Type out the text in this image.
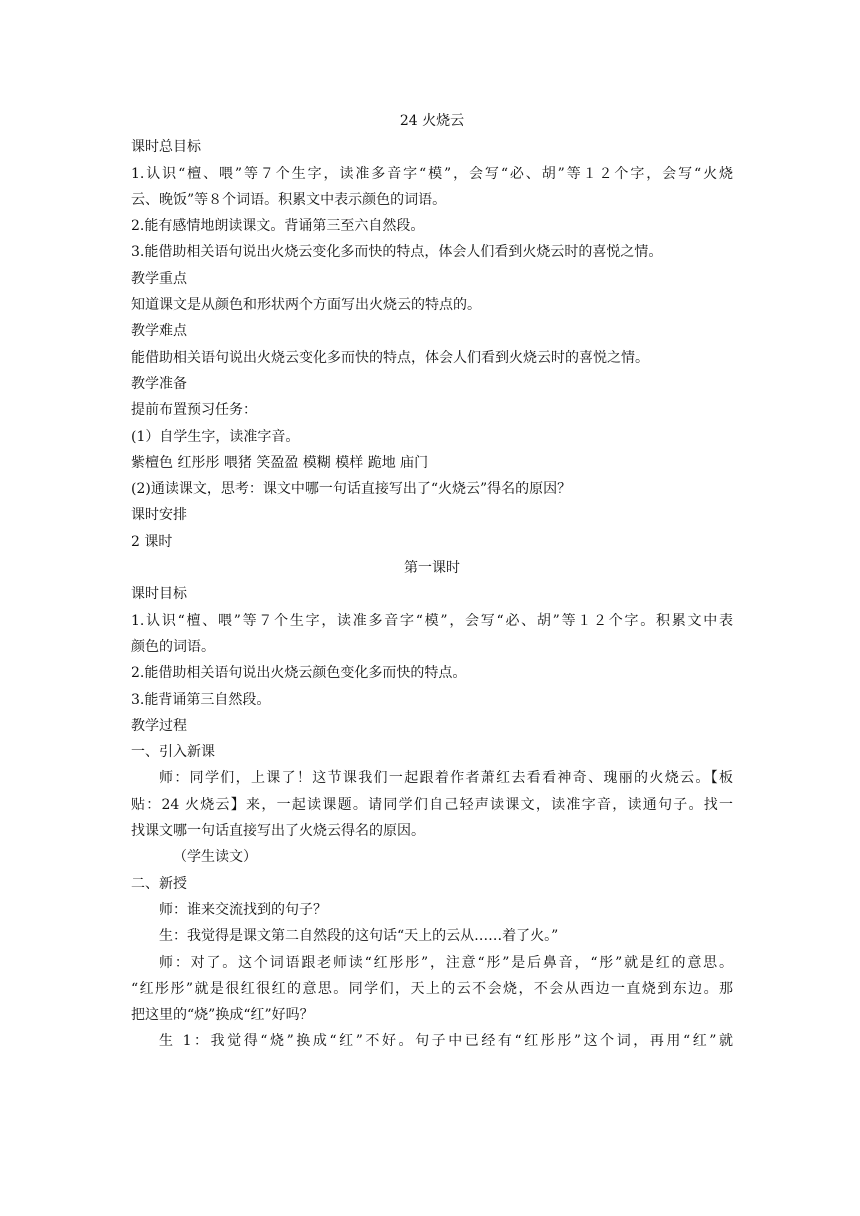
24 火烧云
课时总目标
1.认识“檀、喂”等７个生字，读准多音字“模”，会写“必、胡”等１２个字，会写“火烧
云、晚饭”等８个词语。积累文中表示颜色的词语。
2.能有感情地朗读课文。背诵第三至六自然段。
3.能借助相关语句说出火烧云变化多而快的特点，体会人们看到火烧云时的喜悦之情。
教学重点
知道课文是从颜色和形状两个方面写出火烧云的特点的。
教学难点
能借助相关语句说出火烧云变化多而快的特点，体会人们看到火烧云时的喜悦之情。
教学准备
提前布置预习任务：
(1）自学生字，读准字音。
紫檀色 红彤彤 喂猪 笑盈盈 模糊 模样 跪地 庙门
(2)通读课文，思考：课文中哪一句话直接写出了“火烧云”得名的原因？
课时安排
2 课时
第一课时
课时目标
1.认识“檀、喂”等７个生字，读准多音字“模”，会写“必、胡”等１２个字。积累文中表
颜色的词语。
2.能借助相关语句说出火烧云颜色变化多而快的特点。
3.能背诵第三自然段。
教学过程
一、引入新课
师：同学们，上课了！这节课我们一起跟着作者萧红去看看神奇、瑰丽的火烧云。【板
贴：24 火烧云】来，一起读课题。请同学们自己轻声读课文，读准字音，读通句子。找一
找课文哪一句话直接写出了火烧云得名的原因。
（学生读文）
二、新授
师：谁来交流找到的句子？
生：我觉得是课文第二自然段的这句话“天上的云从……着了火。”
师：对了。这个词语跟老师读“红彤彤”，注意“彤”是后鼻音，“彤”就是红的意思。
“红彤彤”就是很红很红的意思。同学们，天上的云不会烧，不会从西边一直烧到东边。那
把这里的“烧”换成“红”好吗？
生 1：我觉得“烧”换成“红”不好。句子中已经有“红彤彤”这个词，再用“红”就
